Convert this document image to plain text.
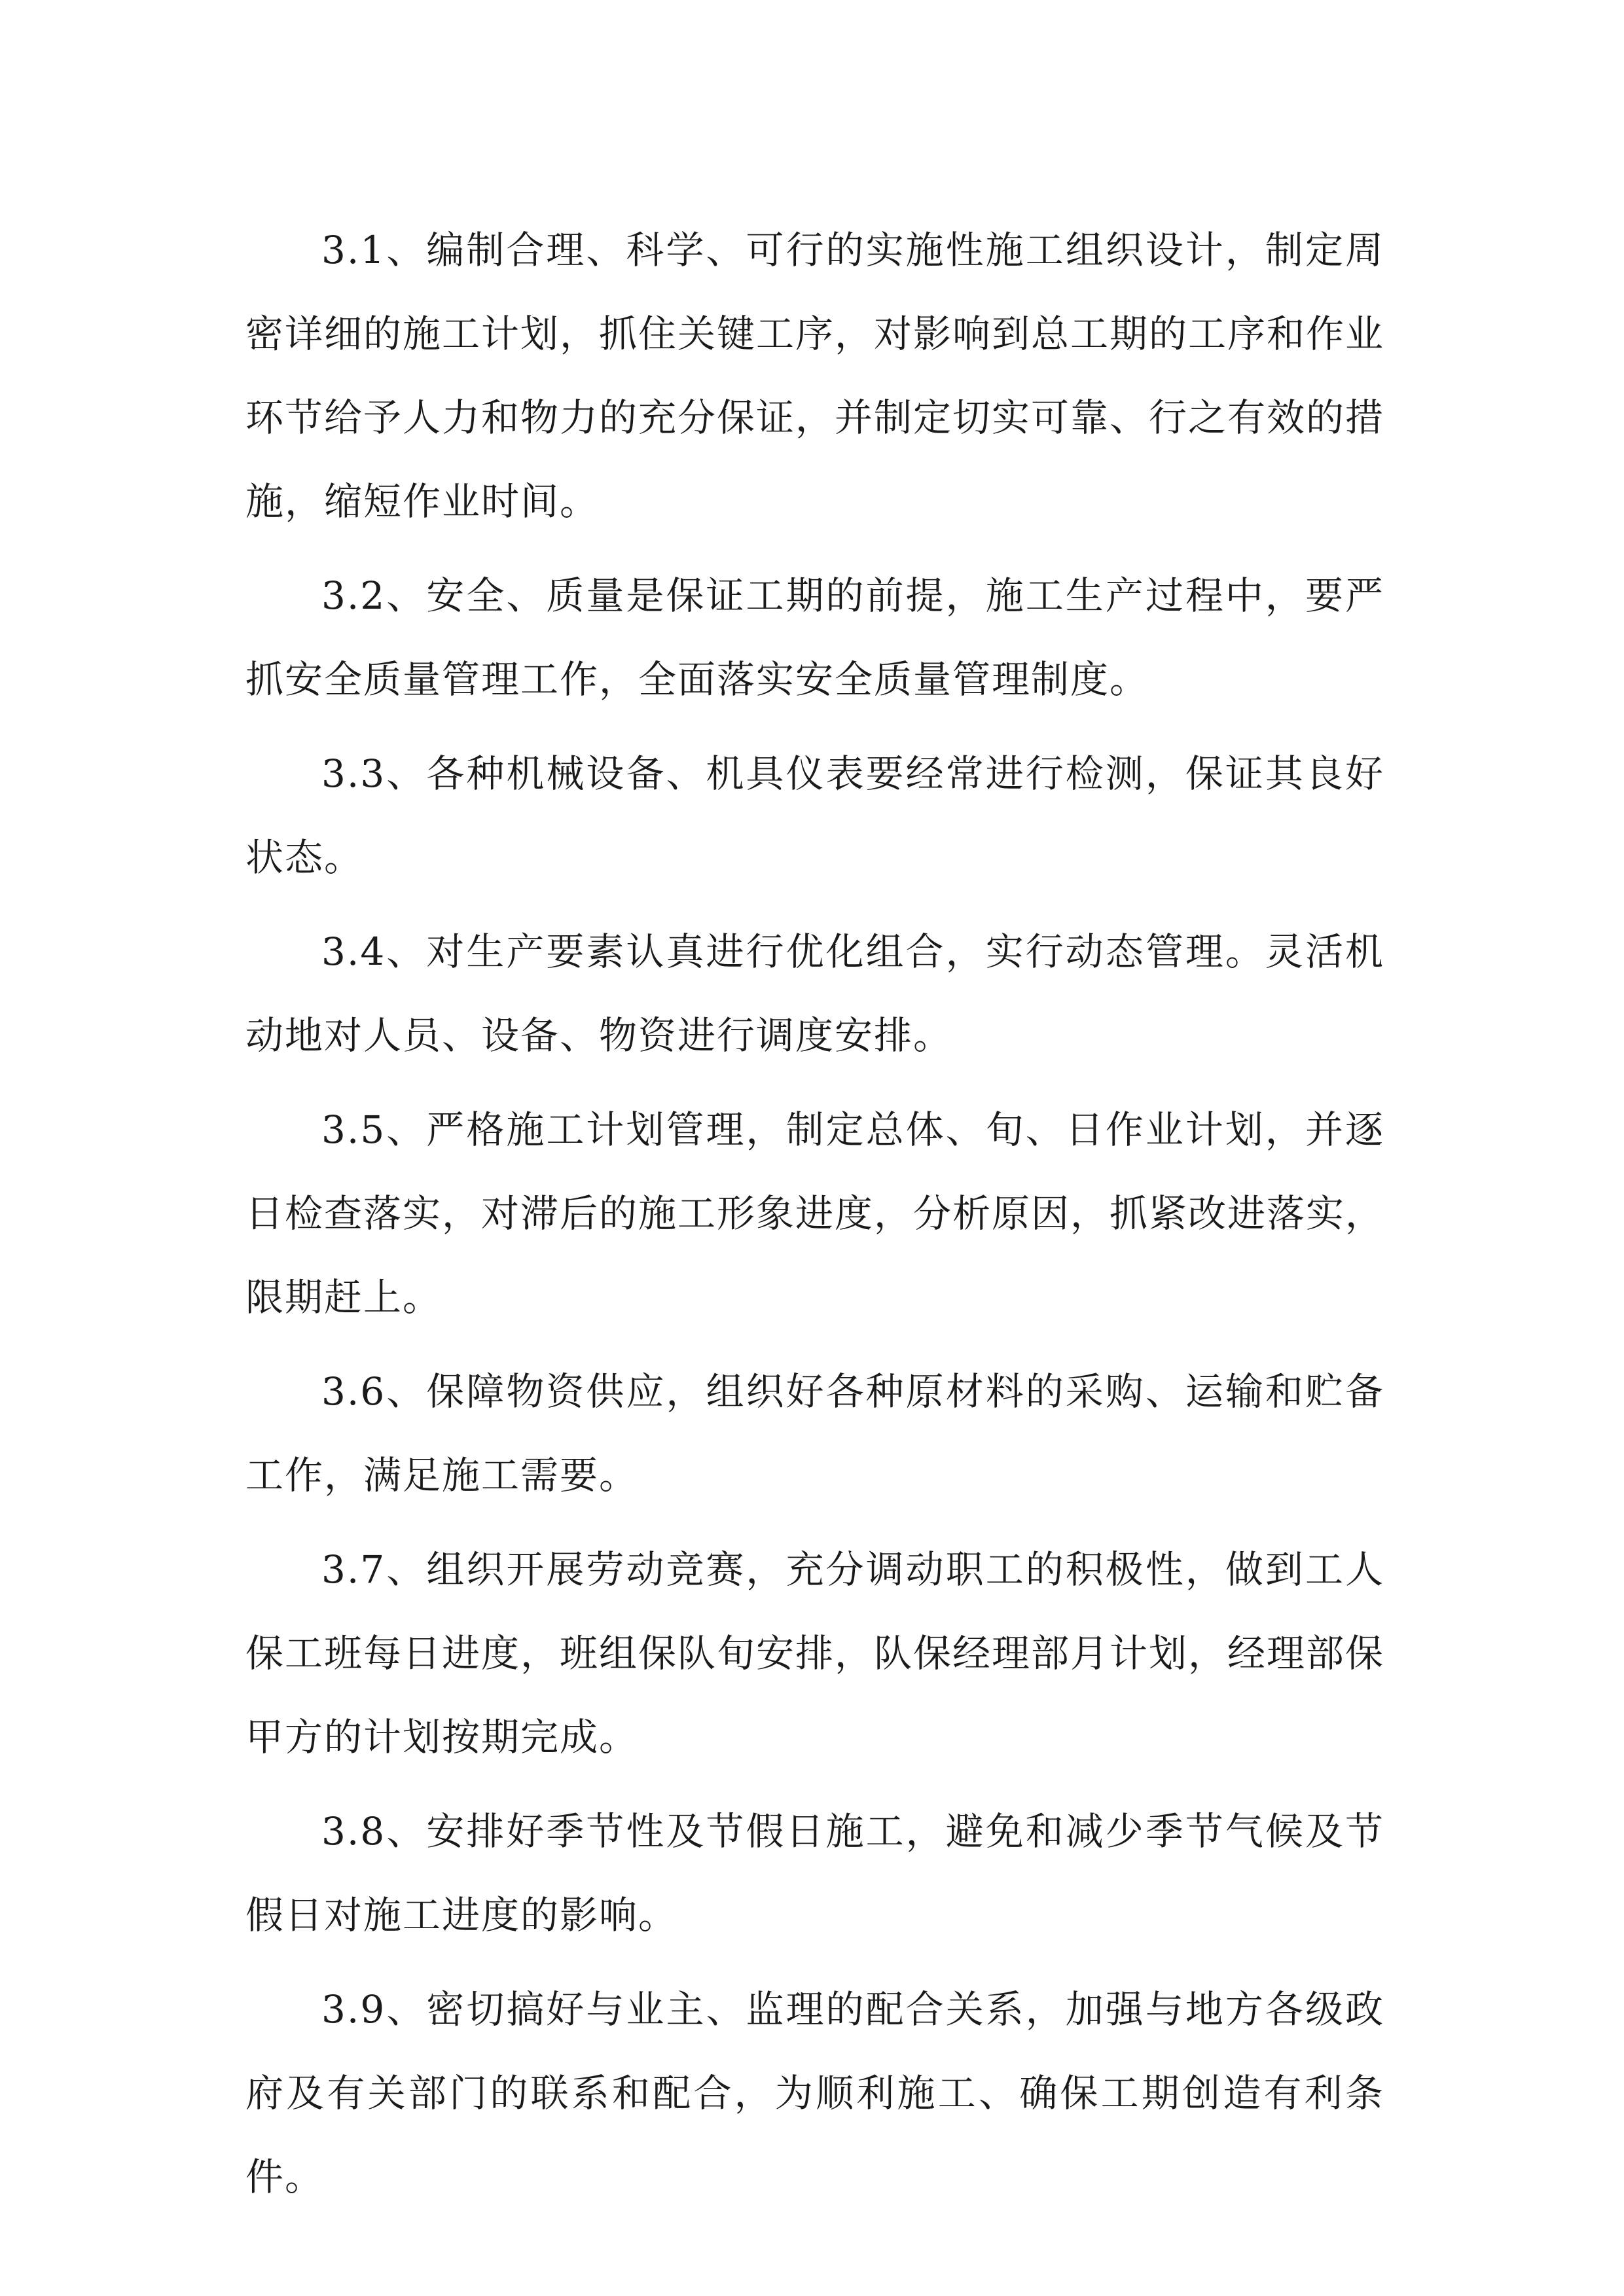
3.1、编制合理、科学、可行的实施性施工组织设计，制定周密详细的施工计划，抓住关键工序，对影响到总工期的工序和作业环节给予人力和物力的充分保证，并制定切实可靠、行之有效的措施，缩短作业时间。

3.2、安全、质量是保证工期的前提，施工生产过程中，要严抓安全质量管理工作，全面落实安全质量管理制度。

3.3、各种机械设备、机具仪表要经常进行检测，保证其良好状态。

3.4、对生产要素认真进行优化组合，实行动态管理。灵活机动地对人员、设备、物资进行调度安排。

3.5、严格施工计划管理，制定总体、旬、日作业计划，并逐日检查落实，对滞后的施工形象进度，分析原因，抓紧改进落实，限期赶上。

3.6、保障物资供应，组织好各种原材料的采购、运输和贮备工作，满足施工需要。

3.7、组织开展劳动竞赛，充分调动职工的积极性，做到工人保工班每日进度，班组保队旬安排，队保经理部月计划，经理部保甲方的计划按期完成。

3.8、安排好季节性及节假日施工，避免和减少季节气候及节假日对施工进度的影响。

3.9、密切搞好与业主、监理的配合关系，加强与地方各级政府及有关部门的联系和配合，为顺利施工、确保工期创造有利条件。
